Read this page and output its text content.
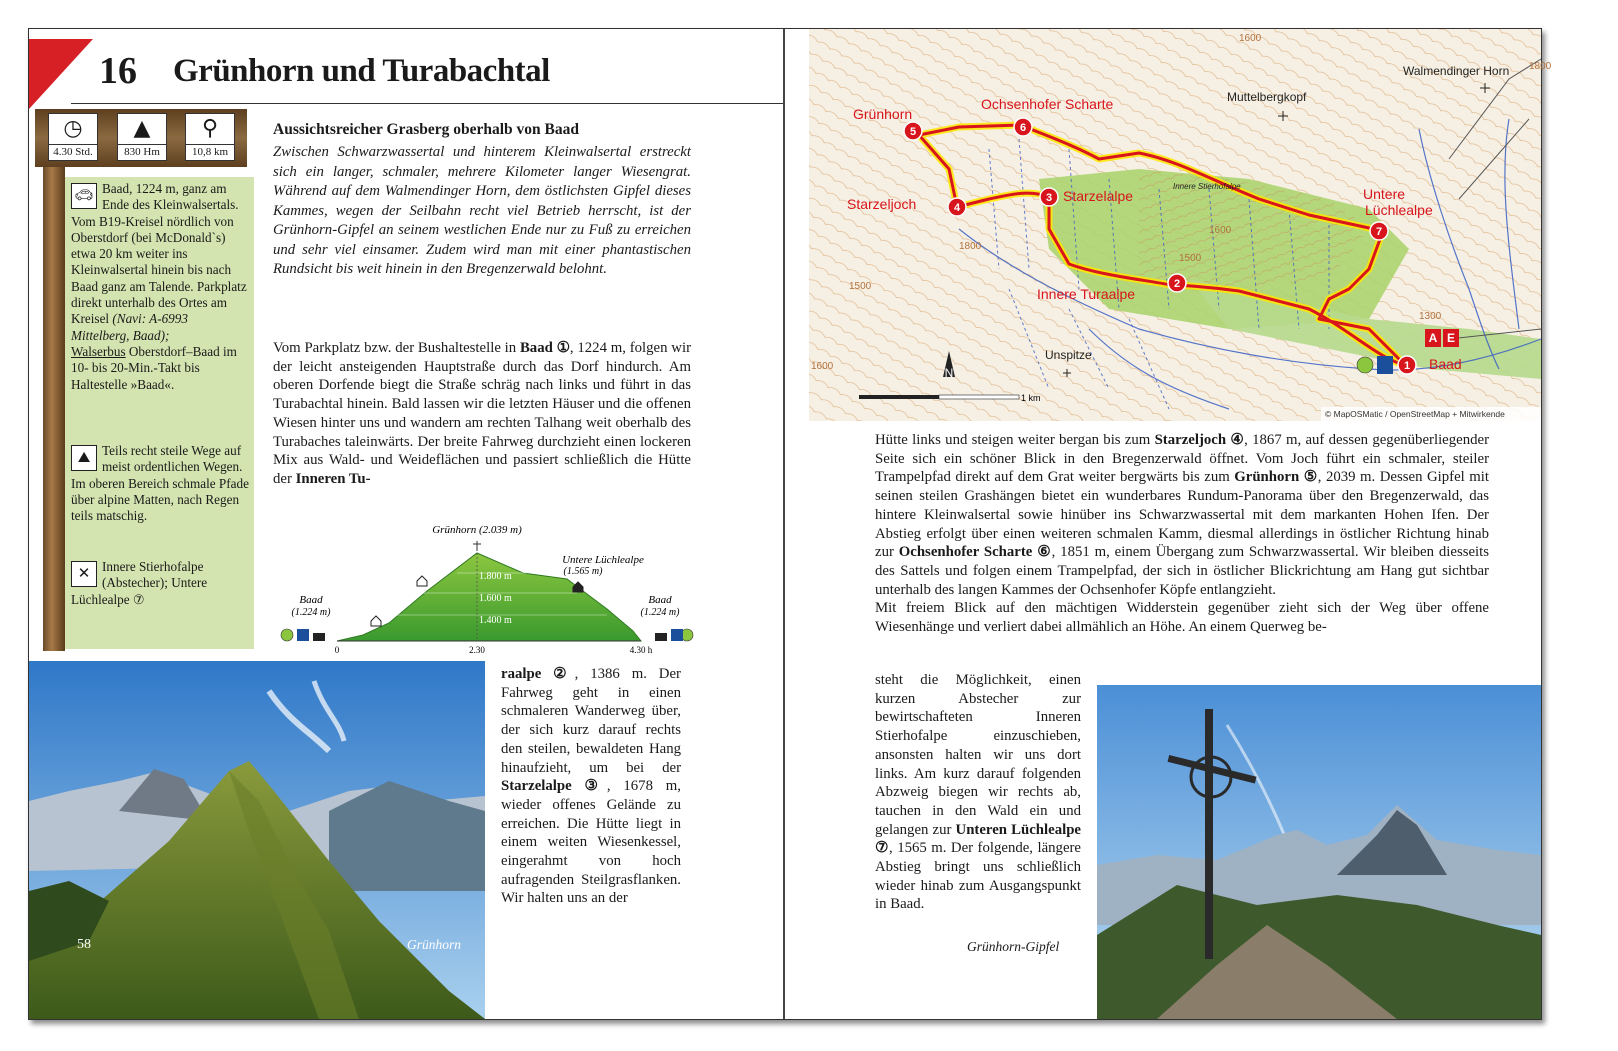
16 Grünhorn und Turabachtal
◷
4.30 Std.
▲
830 Hm
⚲
10,8 km
🚗︎ Baad, 1224 m, ganz am Ende des Kleinwalsertals. Vom B19-Kreisel nördlich von Oberstdorf (bei McDonald`s) etwa 20 km weiter ins Kleinwalsertal hinein bis nach Baad ganz am Talende. Parkplatz direkt unterhalb des Ortes am Kreisel (Navi: A-6993 Mittelberg, Baad);
Walserbus Oberstdorf–Baad im 10- bis 20-Min.-Takt bis Haltestelle »Baad«.
⛰ Teils recht steile Wege auf meist ordentlichen Wegen. Im oberen Bereich schmale Pfade über alpine Matten, nach Regen teils matschig.
✕ Innere Stierhofalpe (Abstecher); Untere Lüchlealpe ⑦
Aussichtsreicher Grasberg oberhalb von Baad
Zwischen Schwarzwassertal und hinterem Kleinwalsertal erstreckt sich ein langer, schmaler, mehrere Kilometer langer Wiesengrat. Während auf dem Walmendinger Horn, dem östlichsten Gipfel dieses Kammes, wegen der Seilbahn recht viel Betrieb herrscht, ist der Grünhorn-Gipfel an seinem westlichen Ende nur zu Fuß zu erreichen und sehr viel einsamer. Zudem wird man mit einer phantastischen Rundsicht bis weit hinein in den Bregenzerwald belohnt.
Vom Parkplatz bzw. der Bushaltestelle in Baad ①, 1224 m, folgen wir der leicht ansteigenden Hauptstraße durch das Dorf hindurch. Am oberen Dorfende biegt die Straße schräg nach links und führt in das Turabachtal hinein. Bald lassen wir die letzten Häuser und die offenen Wiesen hinter uns und wandern am rechten Talhang weit oberhalb des Turabaches taleinwärts. Der breite Fahrweg durchzieht einen lockeren Mix aus Wald- und Weideflächen und passiert schließlich die Hütte der Inneren Tu-
Grünhorn (2.039 m)
Untere Lüchlealpe
(1.565 m)
Baad
(1.224 m)
Baad
(1.224 m)
1.800 m
1.600 m
1.400 m
0	2.30	4.30 h
58	Grünhorn
raalpe ②, 1386 m. Der Fahrweg geht in einen schmaleren Wanderweg über, der sich kurz darauf rechts den steilen, bewaldeten Hang hinaufzieht, um bei der Starzelalpe ③, 1678 m, wieder offenes Gelände zu erreichen. Die Hütte liegt in einem weiten Wiesenkessel, eingerahmt von hoch aufragenden Steilgrasflanken. Wir halten uns an der
1600
1500
1800
1500
1300
1600
1600
1800
1
2
3
4
5	6
7
Grünhorn
Ochsenhofer Scharte
Starzeljoch	Starzelalpe	Untere
Lüchlealpe
Innere Turaalpe
Baad
Muttelbergkopf
Walmendinger Horn
Unspitze
Innere Stierhofalpe
A E
N
1 km
© MapOSMatic / OpenStreetMap + Mitwirkende
Hütte links und steigen weiter bergan bis zum Starzeljoch ④, 1867 m, auf dessen gegenüberliegender Seite sich ein schöner Blick in den Bregenzerwald öffnet. Vom Joch führt ein schmaler, steiler Trampelpfad direkt auf dem Grat weiter bergwärts bis zum Grünhorn ⑤, 2039 m. Dessen Gipfel mit seinen steilen Grashängen bietet ein wunderbares Rundum-Panorama über den Bregenzerwald, das hintere Kleinwalsertal sowie hinüber ins Schwarzwassertal mit dem markanten Hohen Ifen. Der Abstieg erfolgt über einen weiteren schmalen Kamm, diesmal allerdings in östlicher Richtung hinab zur Ochsenhofer Scharte ⑥, 1851 m, einem Übergang zum Schwarzwassertal. Wir bleiben diesseits des Sattels und folgen einem Trampelpfad, der sich in östlicher Blickrichtung am Hang gut sichtbar unterhalb des langen Kammes der Ochsenhofer Köpfe entlangzieht.
Mit freiem Blick auf den mächtigen Widderstein gegenüber zieht sich der Weg über offene Wiesenhänge und verliert dabei allmählich an Höhe. An einem Querweg be-
steht die Möglichkeit, einen kurzen Abstecher zur bewirtschafteten Inneren Stierhofalpe einzuschieben, ansonsten halten wir uns dort links. Am kurz darauf folgenden Abzweig biegen wir rechts ab, tauchen in den Wald ein und gelangen zur Unteren Lüchlealpe ⑦, 1565 m. Der folgende, längere Abstieg bringt uns schließlich wieder hinab zum Ausgangspunkt in Baad.
Grünhorn-Gipfel
